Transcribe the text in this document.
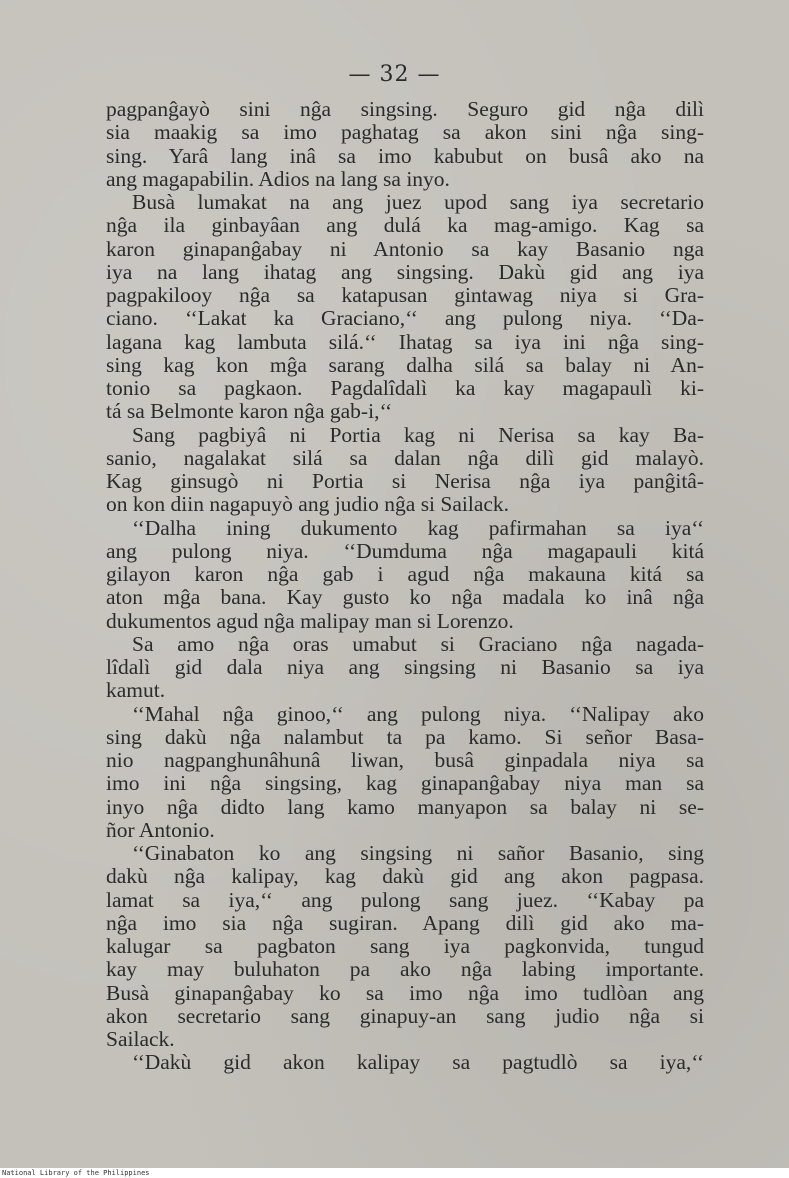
— 32 —
pagpanĝayò sini nĝa singsing. Seguro gid nĝa dilì
sia maakig sa imo paghatag sa akon sini nĝa sing-
sing. Yarâ lang inâ sa imo kabubut on busâ ako na
ang magapabilin. Adios na lang sa inyo.
Busà lumakat na ang juez upod sang iya secretario
nĝa ila ginbayâan ang dulá ka mag-amigo. Kag sa
karon ginapanĝabay ni Antonio sa kay Basanio nga
iya na lang ihatag ang singsing. Dakù gid ang iya
pagpakilooy nĝa sa katapusan gintawag niya si Gra-
ciano. ‘‘Lakat ka Graciano,‘‘ ang pulong niya. ‘‘Da-
lagana kag lambuta silá.‘‘ Ihatag sa iya ini nĝa sing-
sing kag kon mĝa sarang dalha silá sa balay ni An-
tonio sa pagkaon. Pagdalîdalì ka kay magapaulì ki-
tá sa Belmonte karon nĝa gab-i,‘‘
Sang pagbiyâ ni Portia kag ni Nerisa sa kay Ba-
sanio, nagalakat silá sa dalan nĝa dilì gid malayò.
Kag ginsugò ni Portia si Nerisa nĝa iya panĝitâ-
on kon diin nagapuyò ang judio nĝa si Sailack.
‘‘Dalha ining dukumento kag pafirmahan sa iya‘‘
ang pulong niya. ‘‘Dumduma nĝa magapauli kitá
gilayon karon nĝa gab i agud nĝa makauna kitá sa
aton mĝa bana. Kay gusto ko nĝa madala ko inâ nĝa
dukumentos agud nĝa malipay man si Lorenzo.
Sa amo nĝa oras umabut si Graciano nĝa nagada-
lîdalì gid dala niya ang singsing ni Basanio sa iya
kamut.
‘‘Mahal nĝa ginoo,‘‘ ang pulong niya. ‘‘Nalipay ako
sing dakù nĝa nalambut ta pa kamo. Si señor Basa-
nio nagpanghunâhunâ liwan, busâ ginpadala niya sa
imo ini nĝa singsing, kag ginapanĝabay niya man sa
inyo nĝa didto lang kamo manyapon sa balay ni se-
ñor Antonio.
‘‘Ginabaton ko ang singsing ni sañor Basanio, sing
dakù nĝa kalipay, kag dakù gid ang akon pagpasa.
lamat sa iya,‘‘ ang pulong sang juez. ‘‘Kabay pa
nĝa imo sia nĝa sugiran. Apang dilì gid ako ma-
kalugar sa pagbaton sang iya pagkonvida, tungud
kay may buluhaton pa ako nĝa labing importante.
Busà ginapanĝabay ko sa imo nĝa imo tudlòan ang
akon secretario sang ginapuy-an sang judio nĝa si
Sailack.
‘‘Dakù gid akon kalipay sa pagtudlò sa iya,‘‘
National Library of the Philippines
